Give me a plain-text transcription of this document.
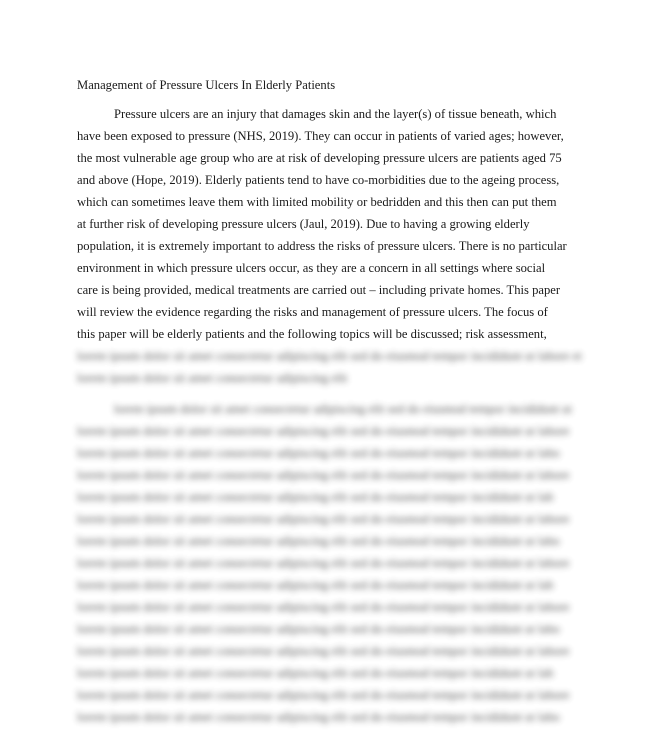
Management of Pressure Ulcers In Elderly Patients
Pressure ulcers are an injury that damages skin and the layer(s) of tissue beneath, which
have been exposed to pressure (NHS, 2019). They can occur in patients of varied ages; however,
the most vulnerable age group who are at risk of developing pressure ulcers are patients aged 75
and above (Hope, 2019). Elderly patients tend to have co-morbidities due to the ageing process,
which can sometimes leave them with limited mobility or bedridden and this then can put them
at further risk of developing pressure ulcers (Jaul, 2019). Due to having a growing elderly
population, it is extremely important to address the risks of pressure ulcers. There is no particular
environment in which pressure ulcers occur, as they are a concern in all settings where social
care is being provided, medical treatments are carried out – including private homes. This paper
will review the evidence regarding the risks and management of pressure ulcers. The focus of
this paper will be elderly patients and the following topics will be discussed; risk assessment,
lorem ipsum dolor sit amet consectetur adipiscing elit sed do eiusmod tempor incididunt ut labore et
lorem ipsum dolor sit amet consectetur adipiscing elit
lorem ipsum dolor sit amet consectetur adipiscing elit sed do eiusmod tempor incididunt ut
lorem ipsum dolor sit amet consectetur adipiscing elit sed do eiusmod tempor incididunt ut labore
lorem ipsum dolor sit amet consectetur adipiscing elit sed do eiusmod tempor incididunt ut labo
lorem ipsum dolor sit amet consectetur adipiscing elit sed do eiusmod tempor incididunt ut labore
lorem ipsum dolor sit amet consectetur adipiscing elit sed do eiusmod tempor incididunt ut lab
lorem ipsum dolor sit amet consectetur adipiscing elit sed do eiusmod tempor incididunt ut labore
lorem ipsum dolor sit amet consectetur adipiscing elit sed do eiusmod tempor incididunt ut labo
lorem ipsum dolor sit amet consectetur adipiscing elit sed do eiusmod tempor incididunt ut labore
lorem ipsum dolor sit amet consectetur adipiscing elit sed do eiusmod tempor incididunt ut lab
lorem ipsum dolor sit amet consectetur adipiscing elit sed do eiusmod tempor incididunt ut labore
lorem ipsum dolor sit amet consectetur adipiscing elit sed do eiusmod tempor incididunt ut labo
lorem ipsum dolor sit amet consectetur adipiscing elit sed do eiusmod tempor incididunt ut labore
lorem ipsum dolor sit amet consectetur adipiscing elit sed do eiusmod tempor incididunt ut lab
lorem ipsum dolor sit amet consectetur adipiscing elit sed do eiusmod tempor incididunt ut labore
lorem ipsum dolor sit amet consectetur adipiscing elit sed do eiusmod tempor incididunt ut labo
